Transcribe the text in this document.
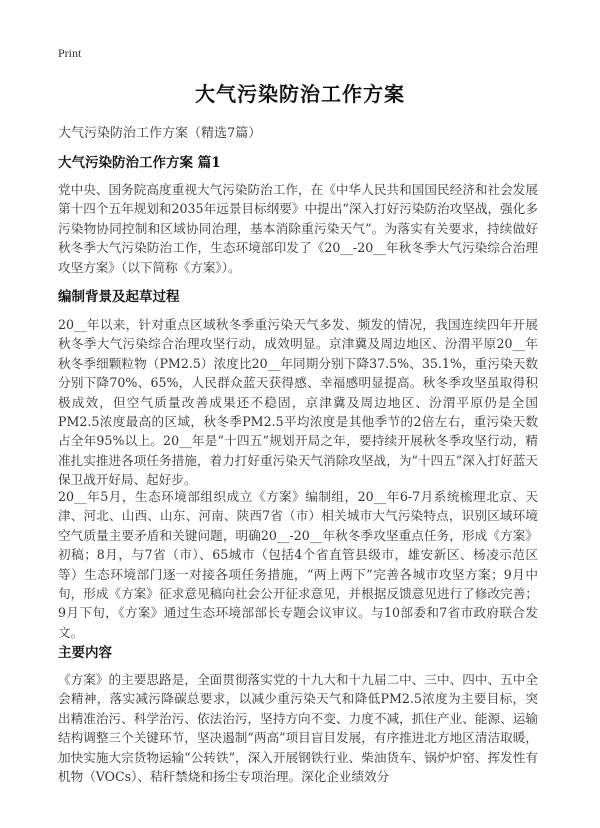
Print
大气污染防治工作方案
大气污染防治工作方案（精选7篇）
大气污染防治工作方案 篇1
党中央、国务院高度重视大气污染防治工作，在《中华人民共和国国民经济和社会发展第十四个五年规划和2035年远景目标纲要》中提出“深入打好污染防治攻坚战，强化多污染物协同控制和区域协同治理，基本消除重污染天气”。为落实有关要求，持续做好秋冬季大气污染防治工作，生态环境部印发了《20__-20__年秋冬季大气污染综合治理攻坚方案》（以下简称《方案》）。
编制背景及起草过程
20__年以来，针对重点区域秋冬季重污染天气多发、频发的情况，我国连续四年开展秋冬季大气污染综合治理攻坚行动，成效明显。京津冀及周边地区、汾渭平原20__年秋冬季细颗粒物（PM2.5）浓度比20__年同期分别下降37.5%、35.1%，重污染天数分别下降70%、65%，人民群众蓝天获得感、幸福感明显提高。秋冬季攻坚虽取得积极成效，但空气质量改善成果还不稳固，京津冀及周边地区、汾渭平原仍是全国PM2.5浓度最高的区域，秋冬季PM2.5平均浓度是其他季节的2倍左右，重污染天数占全年95%以上。20__年是“十四五”规划开局之年，要持续开展秋冬季攻坚行动，精准扎实推进各项任务措施，着力打好重污染天气消除攻坚战，为“十四五”深入打好蓝天保卫战开好局、起好步。
20__年5月，生态环境部组织成立《方案》编制组，20__年6-7月系统梳理北京、天津、河北、山西、山东、河南、陕西7省（市）相关城市大气污染特点，识别区域环境空气质量主要矛盾和关键问题，明确20__-20__年秋冬季攻坚重点任务，形成《方案》初稿；8月，与7省（市）、65城市（包括4个省直管县级市，雄安新区、杨凌示范区等）生态环境部门逐一对接各项任务措施，“两上两下”完善各城市攻坚方案；9月中旬，形成《方案》征求意见稿向社会公开征求意见，并根据反馈意见进行了修改完善；9月下旬，《方案》通过生态环境部部长专题会议审议。与10部委和7省市政府联合发文。
主要内容
《方案》的主要思路是，全面贯彻落实党的十九大和十九届二中、三中、四中、五中全会精神，落实减污降碳总要求，以减少重污染天气和降低PM2.5浓度为主要目标，突出精准治污、科学治污、依法治污，坚持方向不变、力度不减，抓住产业、能源、运输结构调整三个关键环节，坚决遏制“两高”项目盲目发展，有序推进北方地区清洁取暖，加快实施大宗货物运输“公转铁”，深入开展钢铁行业、柴油货车、锅炉炉窑、挥发性有机物（VOCs）、秸秆禁烧和扬尘专项治理。深化企业绩效分
